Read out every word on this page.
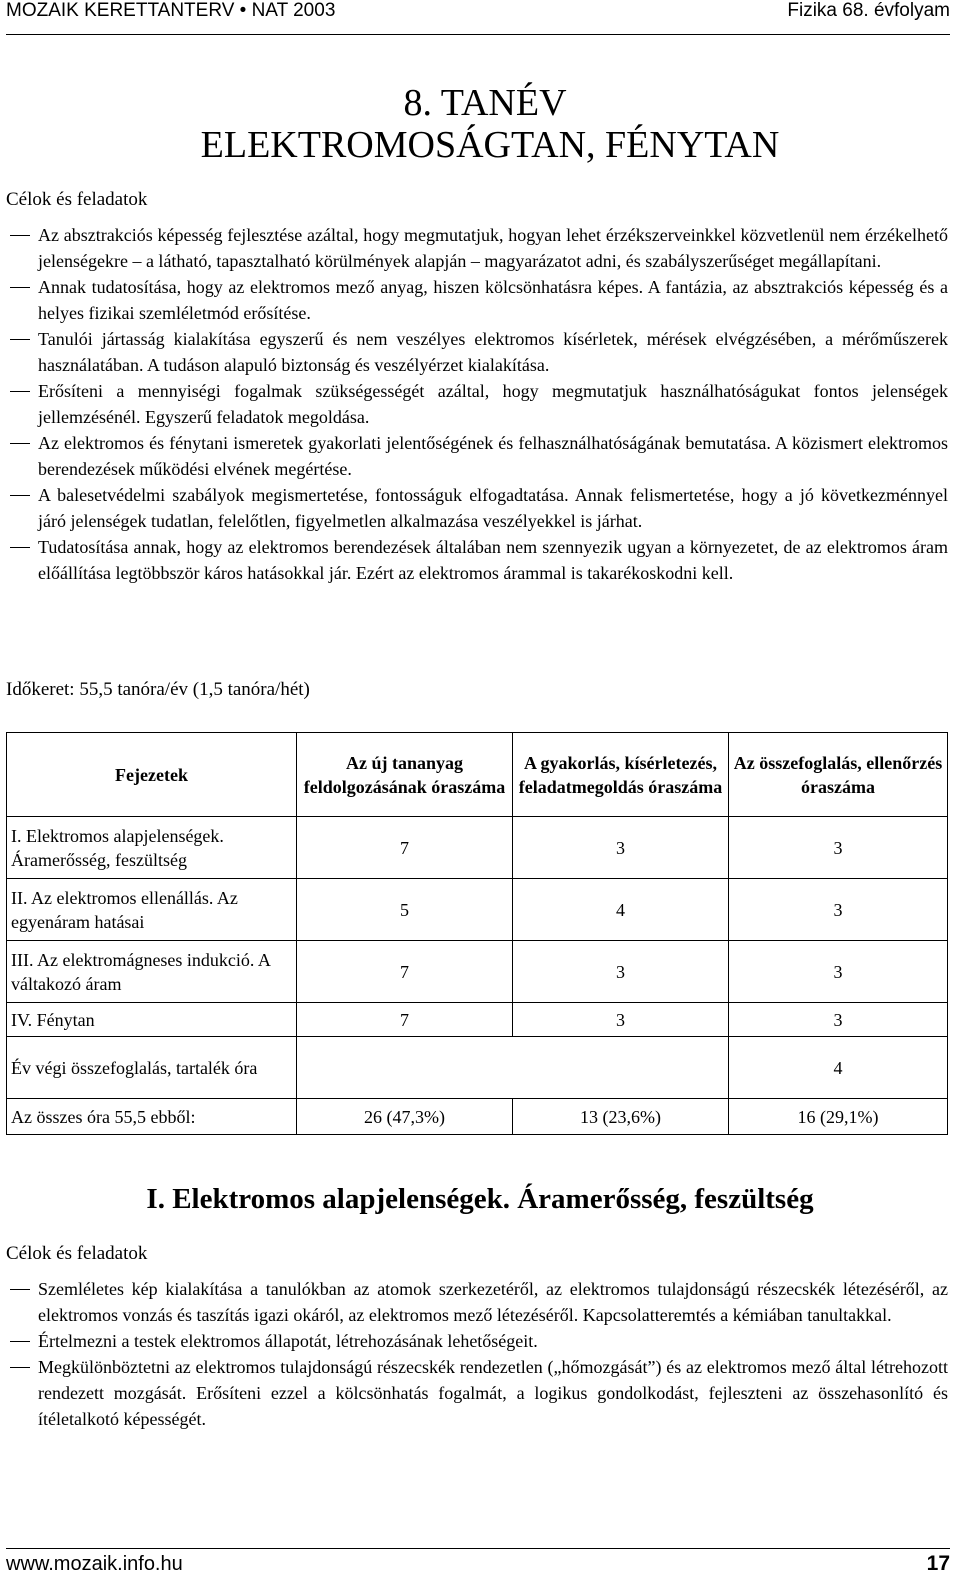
MOZAIK KERETTANTERV • NAT 2003	Fizika 68. évfolyam
8. TANÉV
ELEKTROMOSÁGTAN, FÉNYTAN
Célok és feladatok
Az absztrakciós képesség fejlesztése azáltal, hogy megmutatjuk, hogyan lehet érzékszerveinkkel közvetlenül nem érzékelhető jelenségekre – a látható, tapasztalható körülmények alapján – magyarázatot adni, és szabályszerűséget megállapítani.
Annak tudatosítása, hogy az elektromos mező anyag, hiszen kölcsönhatásra képes. A fantázia, az absztrakciós képesség és a helyes fizikai szemléletmód erősítése.
Tanulói jártasság kialakítása egyszerű és nem veszélyes elektromos kísérletek, mérések elvégzésében, a mérőműszerek használatában. A tudáson alapuló biztonság és veszélyérzet kialakítása.
Erősíteni a mennyiségi fogalmak szükségességét azáltal, hogy megmutatjuk használhatóságukat fontos jelenségek jellemzésénél. Egyszerű feladatok megoldása.
Az elektromos és fénytani ismeretek gyakorlati jelentőségének és felhasználhatóságának bemutatása. A közismert elektromos berendezések működési elvének megértése.
A balesetvédelmi szabályok megismertetése, fontosságuk elfogadtatása. Annak felismertetése, hogy a jó következménnyel járó jelenségek tudatlan, felelőtlen, figyelmetlen alkalmazása veszélyekkel is járhat.
Tudatosítása annak, hogy az elektromos berendezések általában nem szennyezik ugyan a környezetet, de az elektromos áram előállítása legtöbbször káros hatásokkal jár. Ezért az elektromos árammal is takarékoskodni kell.
Időkeret: 55,5 tanóra/év (1,5 tanóra/hét)
Fejezetek	Az új tananyag feldolgozásának óraszáma	A gyakorlás, kísérletezés, feladatmegoldás óraszáma	Az összefoglalás, ellenőrzés óraszáma
I. Elektromos alapjelenségek. Áramerősség, feszültség	7	3	3
II. Az elektromos ellenállás. Az egyenáram hatásai	5	4	3
III. Az elektromágneses indukció. A váltakozó áram	7	3	3
IV. Fénytan	7	3	3
Év végi összefoglalás, tartalék óra			4
Az összes óra 55,5 ebből:	26 (47,3%)	13 (23,6%)	16 (29,1%)
I. Elektromos alapjelenségek. Áramerősség, feszültség
Célok és feladatok
Szemléletes kép kialakítása a tanulókban az atomok szerkezetéről, az elektromos tulajdonságú részecskék létezéséről, az elektromos vonzás és taszítás igazi okáról, az elektromos mező létezéséről. Kapcsolatteremtés a kémiában tanultakkal.
Értelmezni a testek elektromos állapotát, létrehozásának lehetőségeit.
Megkülönböztetni az elektromos tulajdonságú részecskék rendezetlen („hőmozgását”) és az elektromos mező által létrehozott rendezett mozgását. Erősíteni ezzel a kölcsönhatás fogalmát, a logikus gondolkodást, fejleszteni az összehasonlító és ítéletalkotó képességét.
www.mozaik.info.hu	17
